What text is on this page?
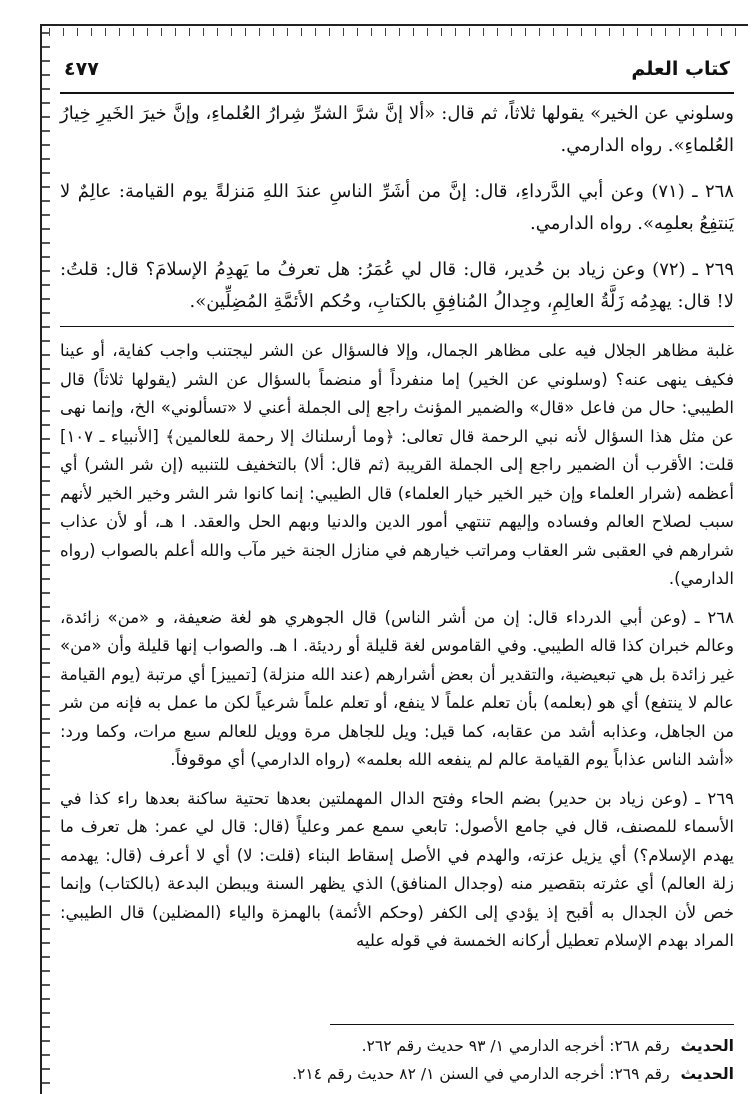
كتاب العلم
٤٧٧

وسلوني عن الخير» يقولها ثلاثاً، ثم قال: «ألا إنَّ شرَّ الشرِّ شِرارُ العُلماءِ، وإنَّ خيرَ الخَيرِ خِيارُ العُلماءِ». رواه الدارمي.

٢٦٨ ـ (٧١) وعن أبي الدَّرداءِ، قال: إنَّ من أشَرِّ الناسِ عندَ اللهِ مَنزلةً يوم القيامة: عالِمٌ لا يَنتفِعُ بعلمِه». رواه الدارمي.

٢٦٩ ـ (٧٢) وعن زياد بن حُدير، قال: قال لي عُمَرُ: هل تعرفُ ما يَهدِمُ الإسلامَ؟ قال: قلتُ: لا! قال: يهدِمُه زَلَّةُ العالِمِ، وجِدالُ المُنافِقِ بالكتابِ، وحُكم الأئمَّةِ المُضِلِّين».

غلبة مظاهر الجلال فيه على مظاهر الجمال، وإلا فالسؤال عن الشر ليجتنب واجب كفاية، أو عينا فكيف ينهى عنه؟ (وسلوني عن الخير) إما منفرداً أو منضماً بالسؤال عن الشر (يقولها ثلاثاً) قال الطيبي: حال من فاعل «قال» والضمير المؤنث راجع إلى الجملة أعني لا «تسألوني» الخ، وإنما نهى عن مثل هذا السؤال لأنه نبي الرحمة قال تعالى: ﴿وما أرسلناك إلا رحمة للعالمين﴾ [الأنبياء ـ ١٠٧] قلت: الأقرب أن الضمير راجع إلى الجملة القريبة (ثم قال: ألا) بالتخفيف للتنبيه (إن شر الشر) أي أعظمه (شرار العلماء وإن خير الخير خيار العلماء) قال الطيبي: إنما كانوا شر الشر وخير الخير لأنهم سبب لصلاح العالم وفساده وإليهم تنتهي أمور الدين والدنيا وبهم الحل والعقد. ا هـ، أو لأن عذاب شرارهم في العقبى شر العقاب ومراتب خيارهم في منازل الجنة خير مآب والله أعلم بالصواب (رواه الدارمي).

٢٦٨ ـ (وعن أبي الدرداء قال: إن من أشر الناس) قال الجوهري هو لغة ضعيفة، و «من» زائدة، وعالم خبران كذا قاله الطيبي. وفي القاموس لغة قليلة أو رديئة. ا هـ. والصواب إنها قليلة وأن «من» غير زائدة بل هي تبعيضية، والتقدير أن بعض أشرارهم (عند الله منزلة) [تمييز] أي مرتبة (يوم القيامة عالم لا ينتفع) أي هو (بعلمه) بأن تعلم علماً لا ينفع، أو تعلم علماً شرعياً لكن ما عمل به فإنه من شر من الجاهل، وعذابه أشد من عقابه، كما قيل: ويل للجاهل مرة وويل للعالم سبع مرات، وكما ورد: «أشد الناس عذاباً يوم القيامة عالم لم ينفعه الله بعلمه» (رواه الدارمي) أي موقوفاً.

٢٦٩ ـ (وعن زياد بن حدير) بضم الحاء وفتح الدال المهملتين بعدها تحتية ساكنة بعدها راء كذا في الأسماء للمصنف، قال في جامع الأصول: تابعي سمع عمر وعلياً (قال: قال لي عمر: هل تعرف ما يهدم الإسلام؟) أي يزيل عزته، والهدم في الأصل إسقاط البناء (قلت: لا) أي لا أعرف (قال: يهدمه زلة العالم) أي عثرته بتقصير منه (وجدال المنافق) الذي يظهر السنة ويبطن البدعة (بالكتاب) وإنما خص لأن الجدال به أقبح إذ يؤدي إلى الكفر (وحكم الأئمة) بالهمزة والياء (المضلين) قال الطيبي: المراد بهدم الإسلام تعطيل أركانه الخمسة في قوله عليه

الحديث رقم ٢٦٨: أخرجه الدارمي ١/ ٩٣ حديث رقم ٢٦٢.

الحديث رقم ٢٦٩: أخرجه الدارمي في السنن ١/ ٨٢ حديث رقم ٢١٤.
